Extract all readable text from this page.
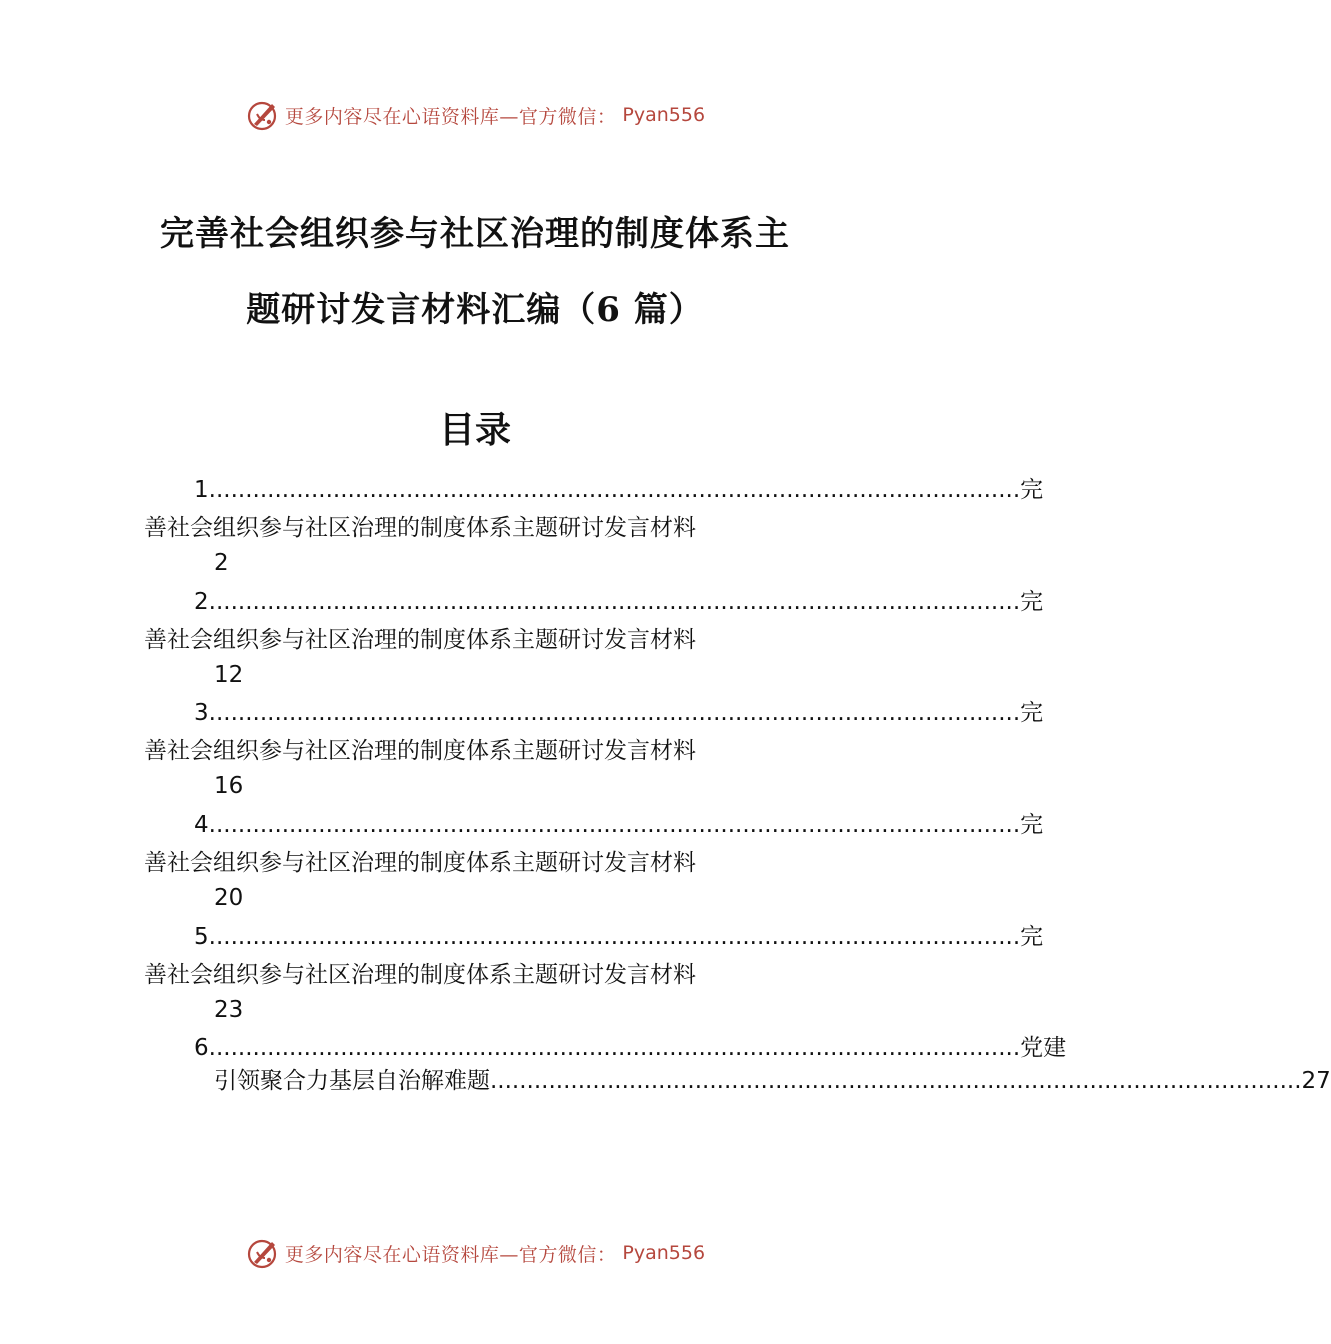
更多内容尽在心语资料库—官方微信： Pyan556
完善社会组织参与社区治理的制度体系主
题研讨发言材料汇编（6 篇）
目录
1 ............................................................................................................... 完
善社会组织参与社区治理的制度体系主题研讨发言材料
2
2 ............................................................................................................... 完
善社会组织参与社区治理的制度体系主题研讨发言材料
12
3 ............................................................................................................... 完
善社会组织参与社区治理的制度体系主题研讨发言材料
16
4 ............................................................................................................... 完
善社会组织参与社区治理的制度体系主题研讨发言材料
20
5 ............................................................................................................... 完
善社会组织参与社区治理的制度体系主题研讨发言材料
23
6 ............................................................................................................... 党建
引领聚合力基层自治解难题 ............................................................................................................... 27
更多内容尽在心语资料库—官方微信： Pyan556
